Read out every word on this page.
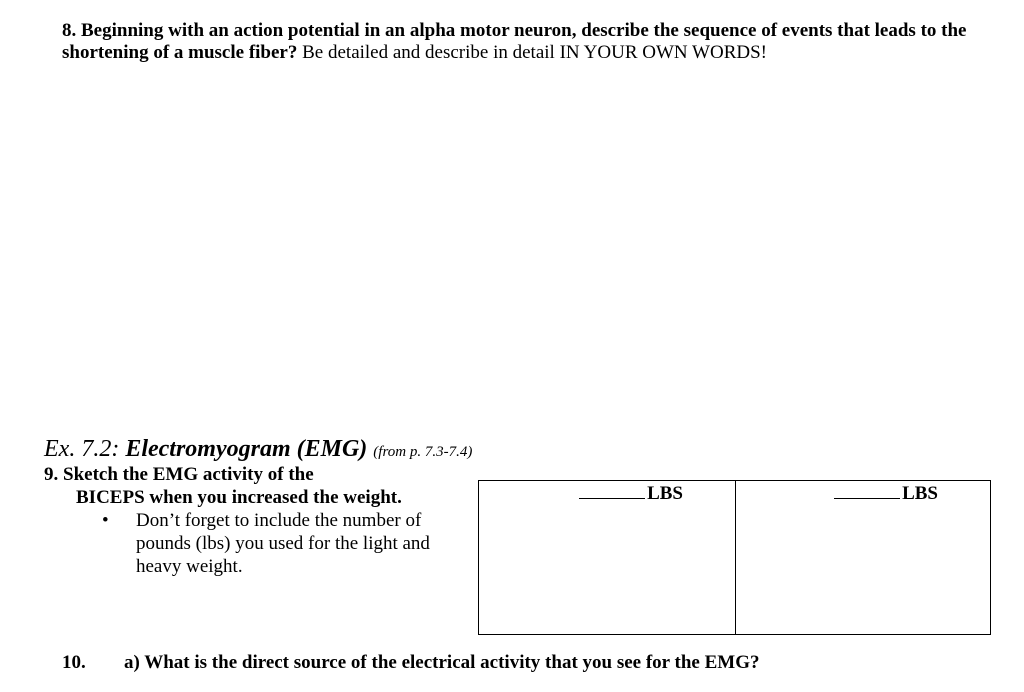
8. Beginning with an action potential in an alpha motor neuron, describe the sequence of events that leads to the shortening of a muscle fiber? Be detailed and describe in detail IN YOUR OWN WORDS!
Ex. 7.2: Electromyogram (EMG) (from p. 7.3-7.4)
9. Sketch the EMG activity of the
BICEPS when you increased the weight.
• Don’t forget to include the number of pounds (lbs) you used for the light and heavy weight.
LBS	LBS
10. a) What is the direct source of the electrical activity that you see for the EMG?
